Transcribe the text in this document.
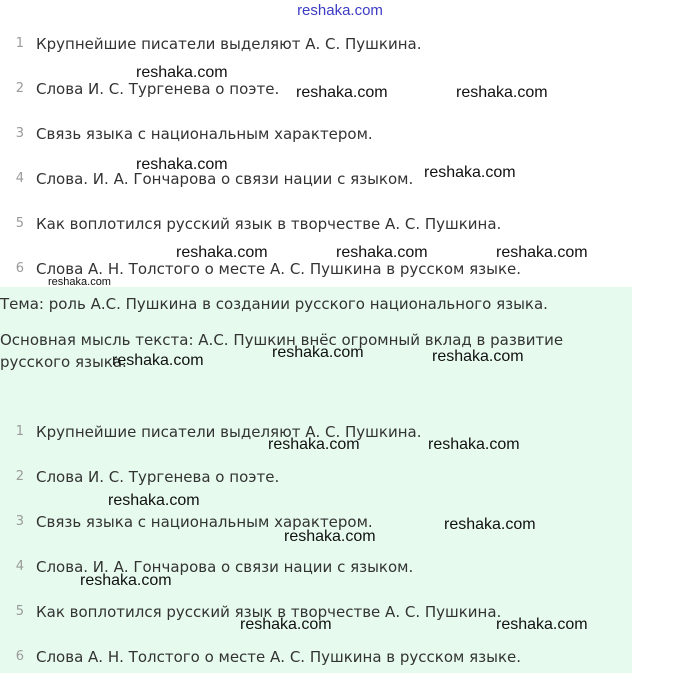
reshaka.com
1 Крупнейшие писатели выделяют А. С. Пушкина.
2 Слова И. С. Тургенева о поэте.
3 Связь языка с национальным характером.
4 Слова. И. А. Гончарова о связи нации с языком.
5 Как воплотился русский язык в творчестве А. С. Пушкина.
6 Слова А. Н. Толстого о месте А. С. Пушкина в русском языке.
Тема: роль А.С. Пушкина в создании русского национального языка.
Основная мысль текста: А.С. Пушкин внёс огромный вклад в развитие русского языка.
1 Крупнейшие писатели выделяют А. С. Пушкина.
2 Слова И. С. Тургенева о поэте.
3 Связь языка с национальным характером.
4 Слова. И. А. Гончарова о связи нации с языком.
5 Как воплотился русский язык в творчестве А. С. Пушкина.
6 Слова А. Н. Толстого о месте А. С. Пушкина в русском языке.
reshaka.com
reshaka.com	reshaka.com
reshaka.com	reshaka.com
reshaka.com	reshaka.com	reshaka.com
reshaka.com
reshaka.com	reshaka.com
reshaka.com
reshaka.com	reshaka.com
reshaka.com
reshaka.com
reshaka.com
reshaka.com
reshaka.com	reshaka.com
